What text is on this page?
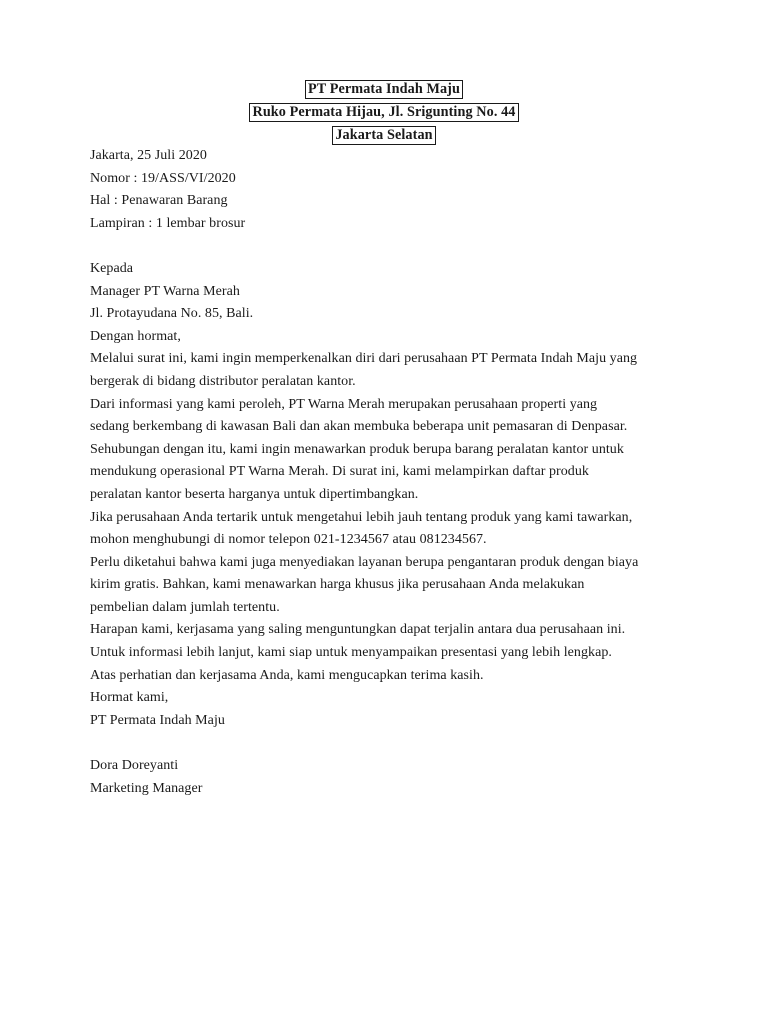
PT Permata Indah Maju
Ruko Permata Hijau, Jl. Srigunting No. 44
Jakarta Selatan
Jakarta, 25 Juli 2020
Nomor : 19/ASS/VI/2020
Hal : Penawaran Barang
Lampiran : 1 lembar brosur
Kepada
Manager PT Warna Merah
Jl. Protayudana No. 85, Bali.
Dengan hormat,
Melalui surat ini, kami ingin memperkenalkan diri dari perusahaan PT Permata Indah Maju yang
bergerak di bidang distributor peralatan kantor.
Dari informasi yang kami peroleh, PT Warna Merah merupakan perusahaan properti yang
sedang berkembang di kawasan Bali dan akan membuka beberapa unit pemasaran di Denpasar.
Sehubungan dengan itu, kami ingin menawarkan produk berupa barang peralatan kantor untuk
mendukung operasional PT Warna Merah. Di surat ini, kami melampirkan daftar produk
peralatan kantor beserta harganya untuk dipertimbangkan.
Jika perusahaan Anda tertarik untuk mengetahui lebih jauh tentang produk yang kami tawarkan,
mohon menghubungi di nomor telepon 021-1234567 atau 081234567.
Perlu diketahui bahwa kami juga menyediakan layanan berupa pengantaran produk dengan biaya
kirim gratis. Bahkan, kami menawarkan harga khusus jika perusahaan Anda melakukan
pembelian dalam jumlah tertentu.
Harapan kami, kerjasama yang saling menguntungkan dapat terjalin antara dua perusahaan ini.
Untuk informasi lebih lanjut, kami siap untuk menyampaikan presentasi yang lebih lengkap.
Atas perhatian dan kerjasama Anda, kami mengucapkan terima kasih.
Hormat kami,
PT Permata Indah Maju
Dora Doreyanti
Marketing Manager
